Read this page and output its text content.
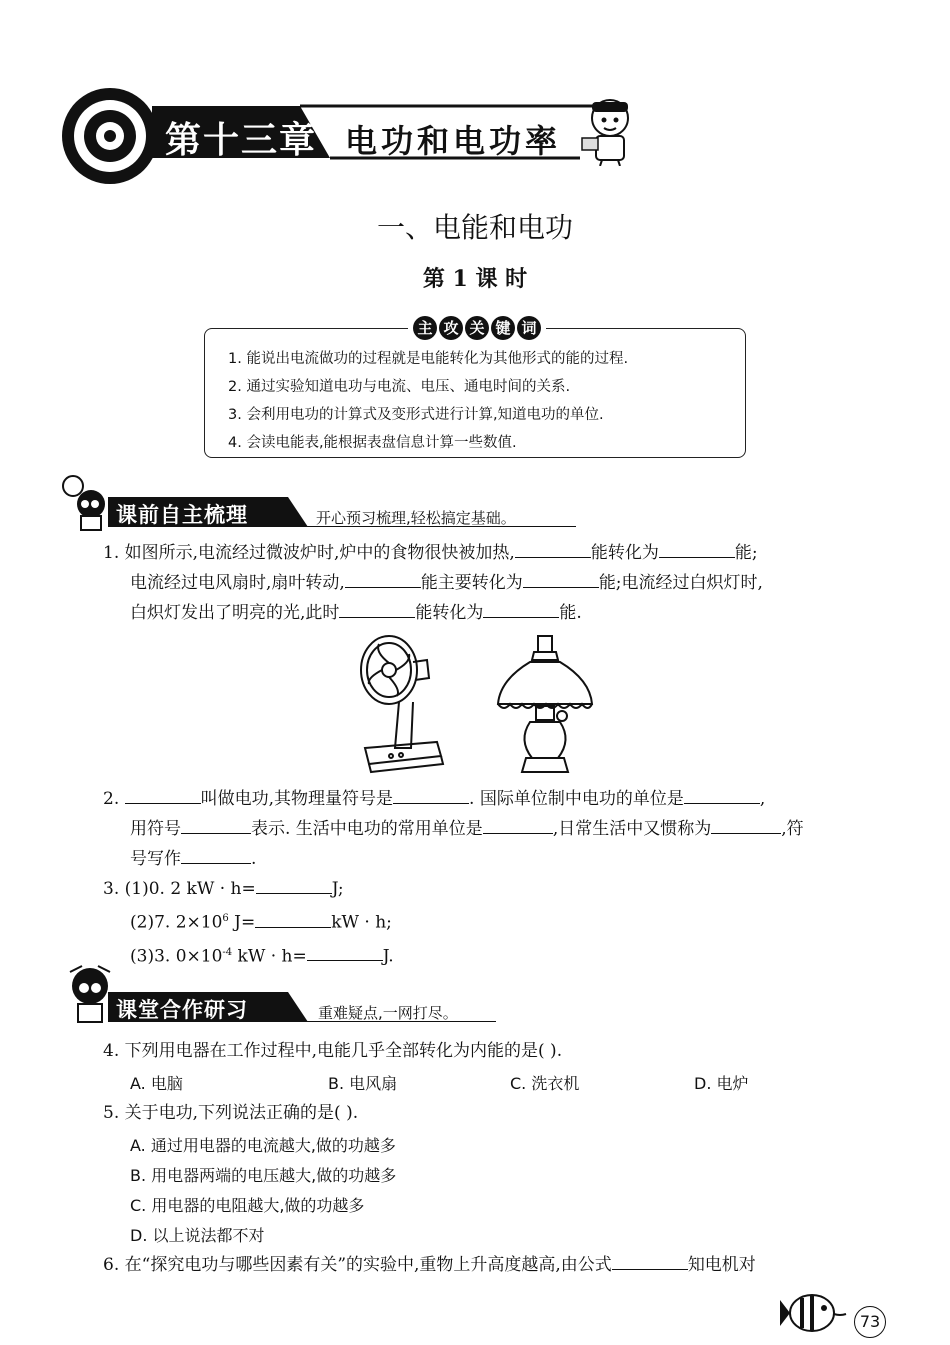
第十三章 电功和电功率
一、电能和电功
第 1 课 时
主 攻 关 键 词
1. 能说出电流做功的过程就是电能转化为其他形式的能的过程.
2. 通过实验知道电功与电流、电压、通电时间的关系.
3. 会利用电功的计算式及变形式进行计算,知道电功的单位.
4. 会读电能表,能根据表盘信息计算一些数值.
课前自主梳理	开心预习梳理,轻松搞定基础。
1. 如图所示,电流经过微波炉时,炉中的食物很快被加热,	能转化为	能;
电流经过电风扇时,扇叶转动,	能主要转化为	能;电流经过白炽灯时,
白炽灯发出了明亮的光,此时	能转化为	能.
2.	叫做电功,其物理量符号是	. 国际单位制中电功的单位是	,
用符号	表示. 生活中电功的常用单位是	,日常生活中又惯称为	,符
号写作	.
3. (1)0. 2 kW · h=	J;
(2)7. $2\times 10^6$ J=	kW · h;
(3)3. $0\times 10^{-4}$ kW · h=	J.
课堂合作研习	重难疑点,一网打尽。
4. 下列用电器在工作过程中,电能几乎全部转化为内能的是( ).
A. 电脑	B. 电风扇	C. 洗衣机	D. 电炉
5. 关于电功,下列说法正确的是( ).
A. 通过用电器的电流越大,做的功越多
B. 用电器两端的电压越大,做的功越多
C. 用电器的电阻越大,做的功越多
D. 以上说法都不对
6. 在“探究电功与哪些因素有关”的实验中,重物上升高度越高,由公式	知电机对
73
